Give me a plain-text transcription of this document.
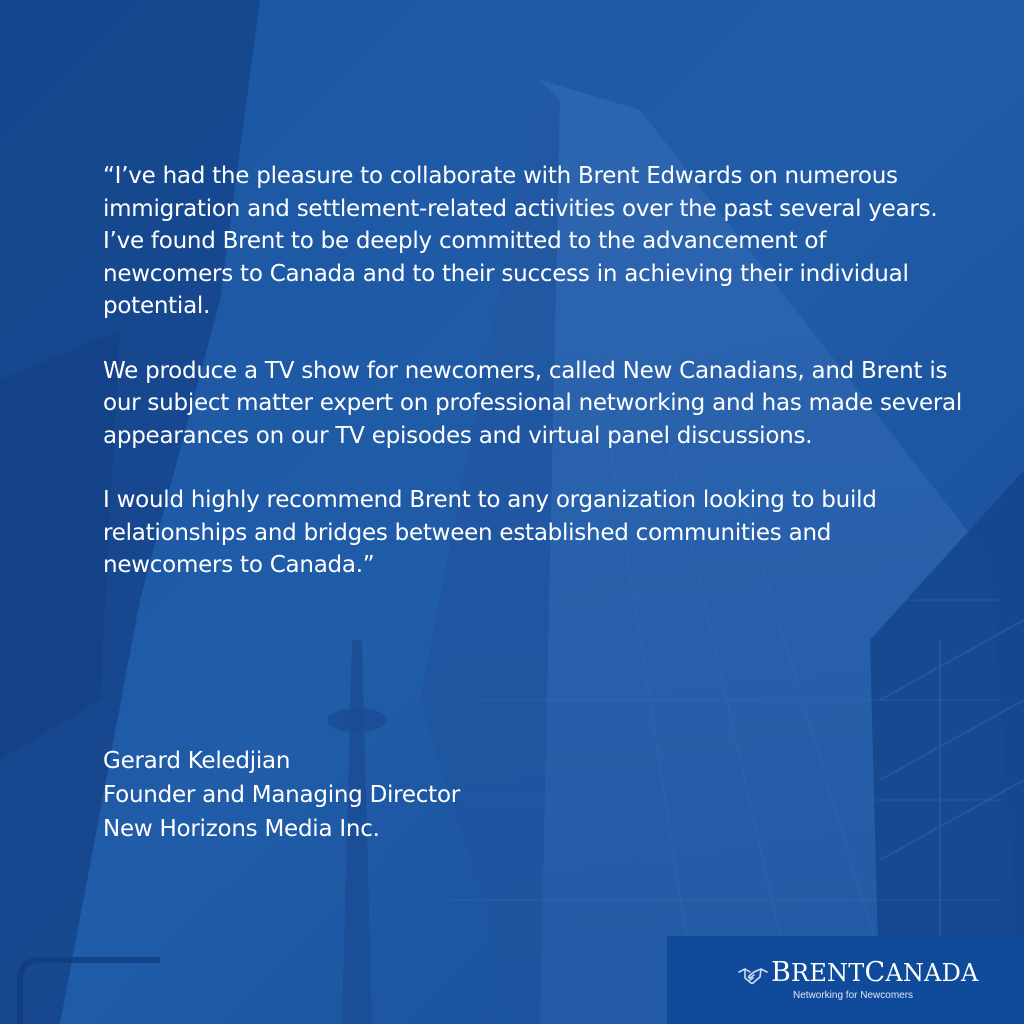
“I’ve had the pleasure to collaborate with Brent Edwards on numerous immigration and settlement-related activities over the past several years. I’ve found Brent to be deeply committed to the advancement of newcomers to Canada and to their success in achieving their individual potential.

We produce a TV show for newcomers, called New Canadians, and Brent is our subject matter expert on professional networking and has made several appearances on our TV episodes and virtual panel discussions.

I would highly recommend Brent to any organization looking to build relationships and bridges between established communities and newcomers to Canada.”

Gerard Keledjian
Founder and Managing Director
New Horizons Media Inc.
BRENTCANADA
Networking for Newcomers
